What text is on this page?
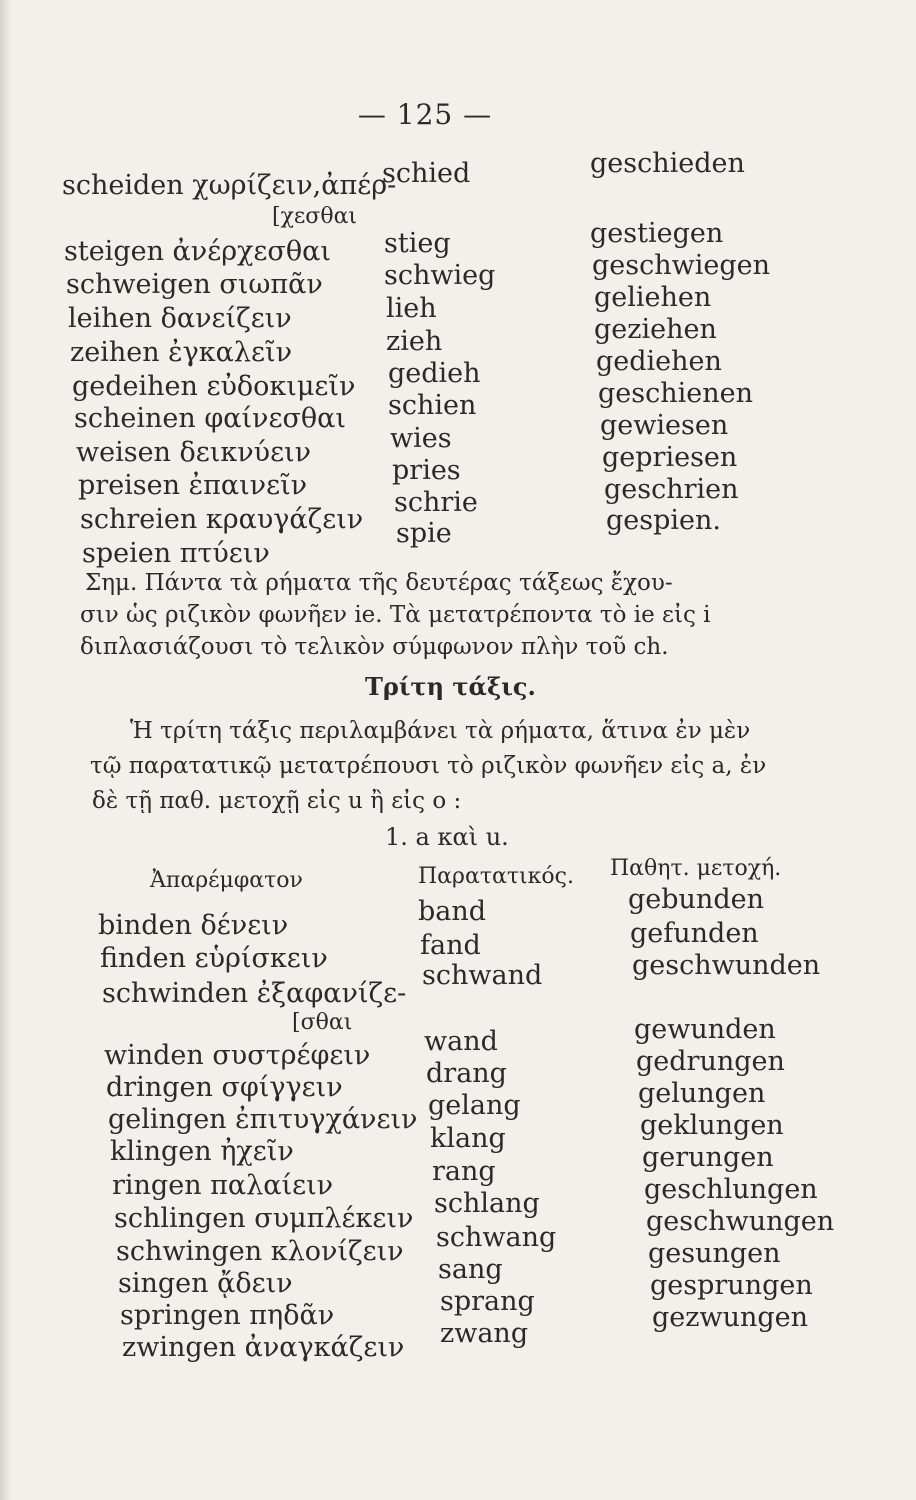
— 125 —
scheiden χωρίζειν,ἀπέρ-
[χεσθαι
steigen ἀνέρχεσθαι
schweigen σιωπᾶν
leihen δανείζειν
zeihen ἐγκαλεῖν
gedeihen εὐδοκιμεῖν
scheinen φαίνεσθαι
weisen δεικνύειν
preisen ἐπαινεῖν
schreien κραυγάζειν
speien πτύειν
schied
stieg
schwieg
lieh
zieh
gedieh
schien
wies
pries
schrie
spie
geschieden
gestiegen
geschwiegen
geliehen
geziehen
gediehen
geschienen
gewiesen
gepriesen
geschrien
gespien.
Σημ. Πάντα τὰ ρήματα τῆς δευτέρας τάξεως ἔχου-
σιν ὡς ριζικὸν φωνῆεν ie. Τὰ μετατρέποντα τὸ ie εἰς i
διπλασιάζουσι τὸ τελικὸν σύμφωνον πλὴν τοῦ ch.
Τρίτη τάξις.
Ἡ τρίτη τάξις περιλαμβάνει τὰ ρήματα, ἅτινα ἐν μὲν
τῷ παρατατικῷ μετατρέπουσι τὸ ριζικὸν φωνῆεν εἰς a, ἐν
δὲ τῇ παθ. μετοχῇ εἰς u ἢ εἰς o :
1. a καὶ u.
Ἀπαρέμφατον	Παρατατικός. Παθητ. μετοχή.
binden δένειν
finden εὑρίσκειν
schwinden ἐξαφανίζε-
[σθαι
winden συστρέφειν
dringen σφίγγειν
gelingen ἐπιτυγχάνειν
klingen ἠχεῖν
ringen παλαίειν
schlingen συμπλέκειν
schwingen κλονίζειν
singen ᾄδειν
springen πηδᾶν
zwingen ἀναγκάζειν
band
fand
schwand
wand
drang
gelang
klang
rang
schlang
schwang
sang
sprang
zwang
gebunden
gefunden
geschwunden
gewunden
gedrungen
gelungen
geklungen
gerungen
geschlungen
geschwungen
gesungen
gesprungen
gezwungen
